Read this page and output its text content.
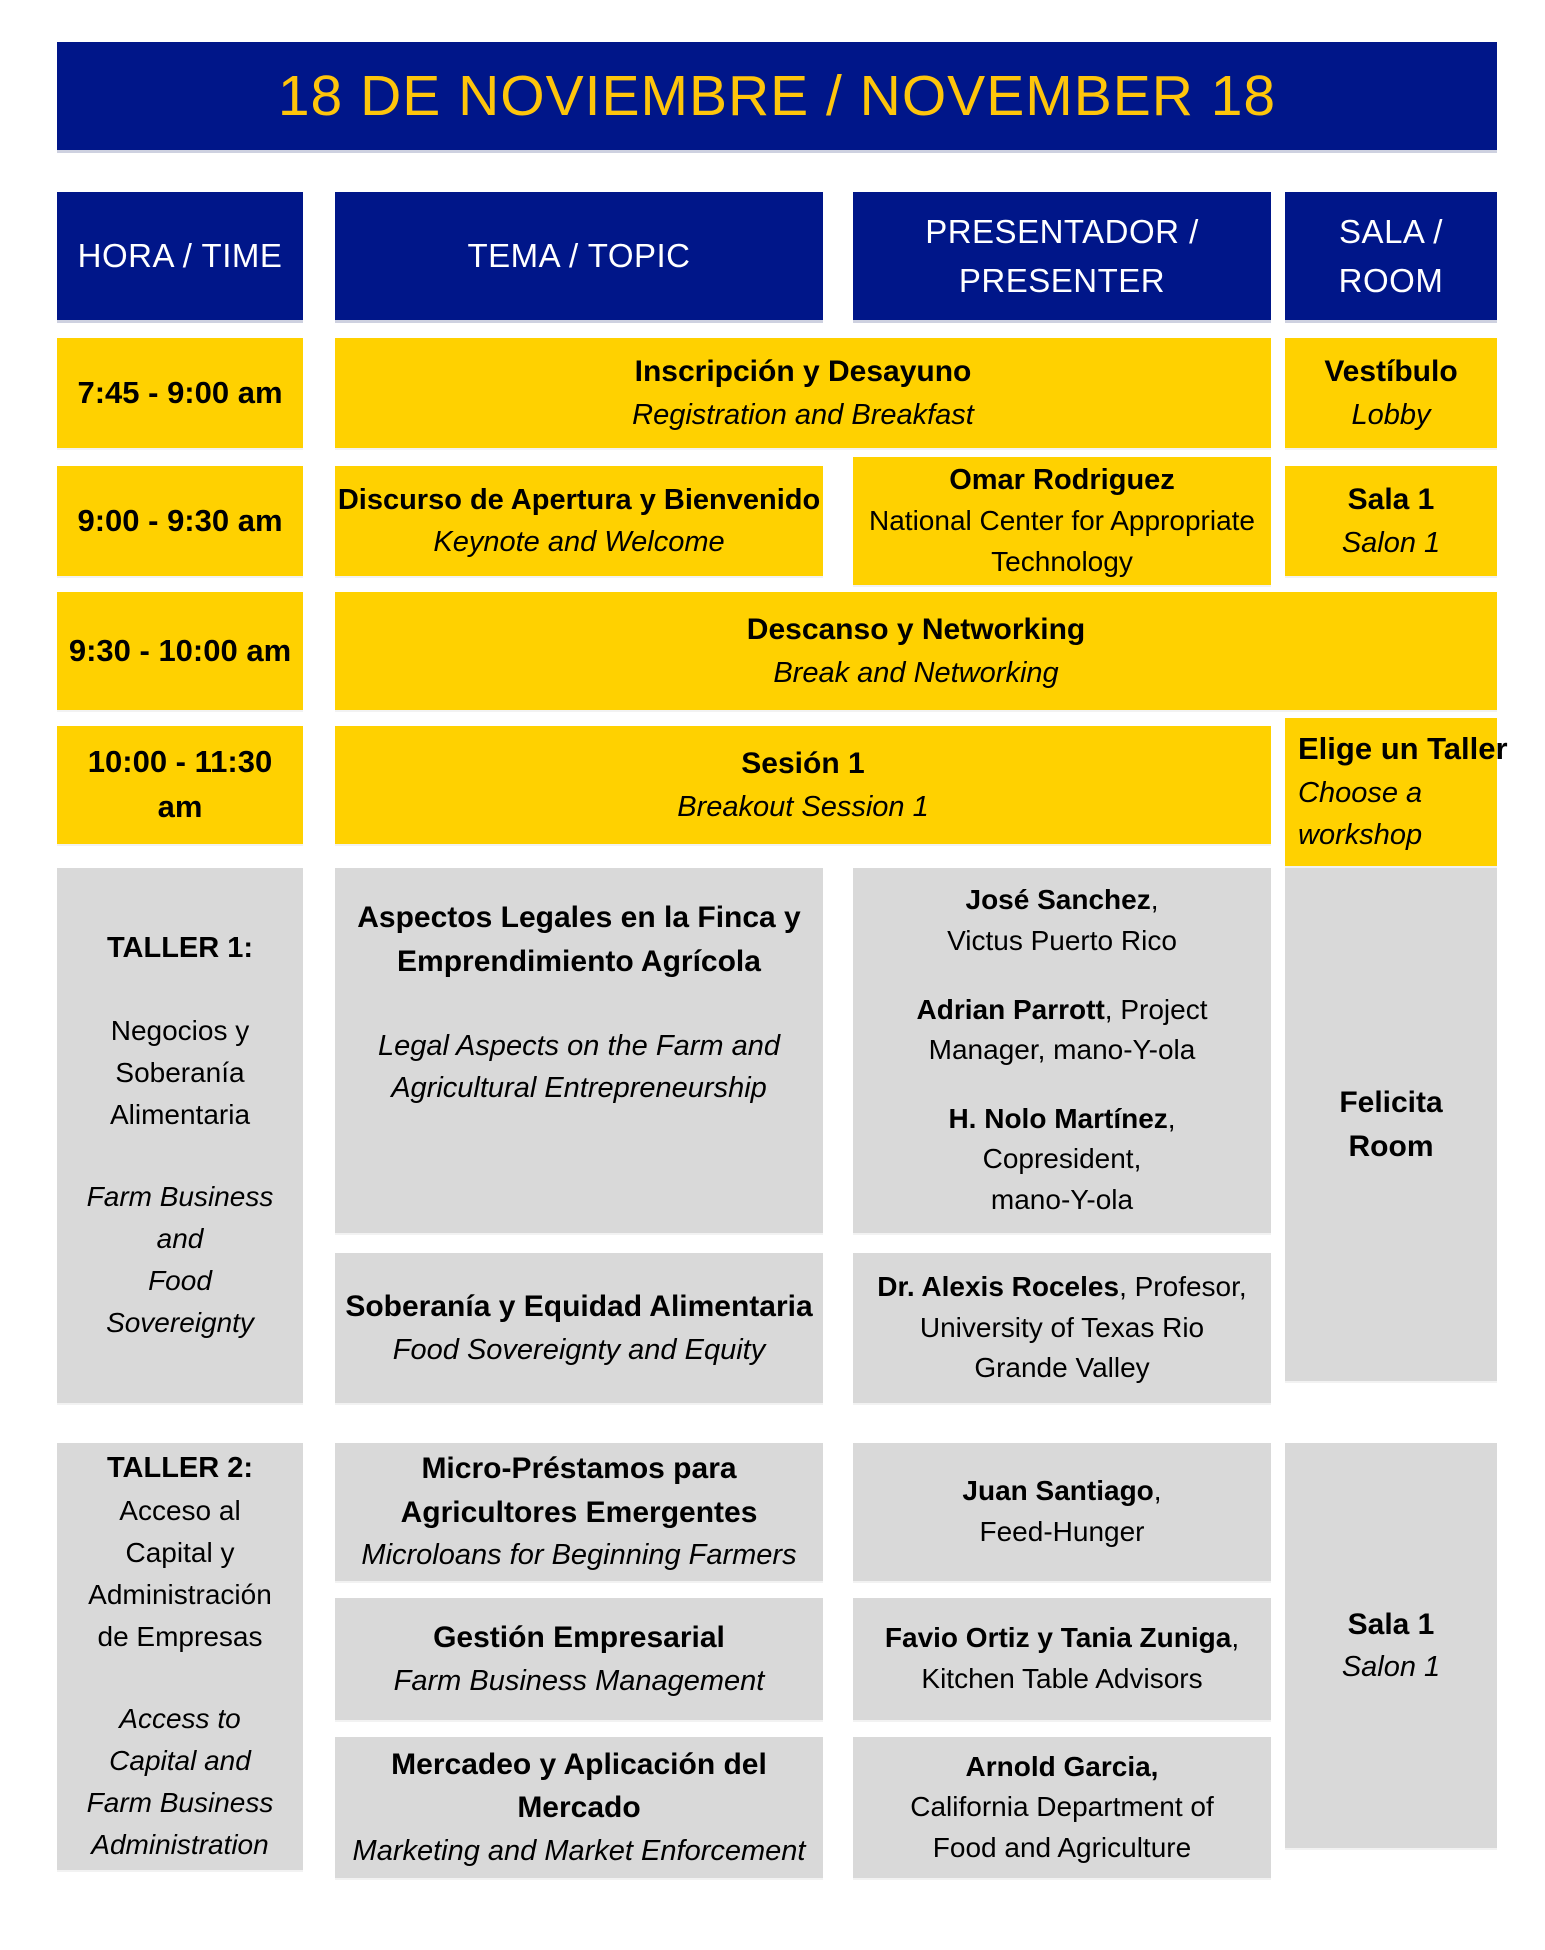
18 DE NOVIEMBRE / NOVEMBER 18
HORA / TIME	TEMA / TOPIC
PRESENTADOR /
PRESENTER
SALA /
ROOM
7:45 - 9:00 am
Inscripción y Desayuno
Registration and Breakfast
Vestíbulo
Lobby
9:00 - 9:30 am
Discurso de Apertura y Bienvenido
Keynote and Welcome
Omar Rodriguez
National Center for Appropriate
Technology
Sala 1
Salon 1
9:30 - 10:00 am
Descanso y Networking
Break and Networking
10:00 - 11:30 am
Sesión 1
Breakout Session 1
Elige un Taller
Choose a
workshop
TALLER 1:
Negocios y
Soberanía
Alimentaria
Farm Business
and
Food
Sovereignty
Aspectos Legales en la Finca y
Emprendimiento Agrícola
Legal Aspects on the Farm and
Agricultural Entrepreneurship
José Sanchez,
Victus Puerto Rico
Adrian Parrott, Project Manager, mano-Y-ola
H. Nolo Martínez,
Copresident,
mano-Y-ola
Felicita
Room
Soberanía y Equidad Alimentaria
Food Sovereignty and Equity
Dr. Alexis Roceles, Profesor,
University of Texas Rio
Grande Valley
TALLER 2:
Acceso al
Capital y
Administración
de Empresas
Access to
Capital and
Farm Business
Administration
Micro-Préstamos para
Agricultores Emergentes
Microloans for Beginning Farmers
Juan Santiago,
Feed-Hunger
Sala 1
Salon 1
Gestión Empresarial
Farm Business Management
Favio Ortiz y Tania Zuniga,
Kitchen Table Advisors
Mercadeo y Aplicación del
Mercado
Marketing and Market Enforcement
Arnold Garcia,
California Department of
Food and Agriculture
